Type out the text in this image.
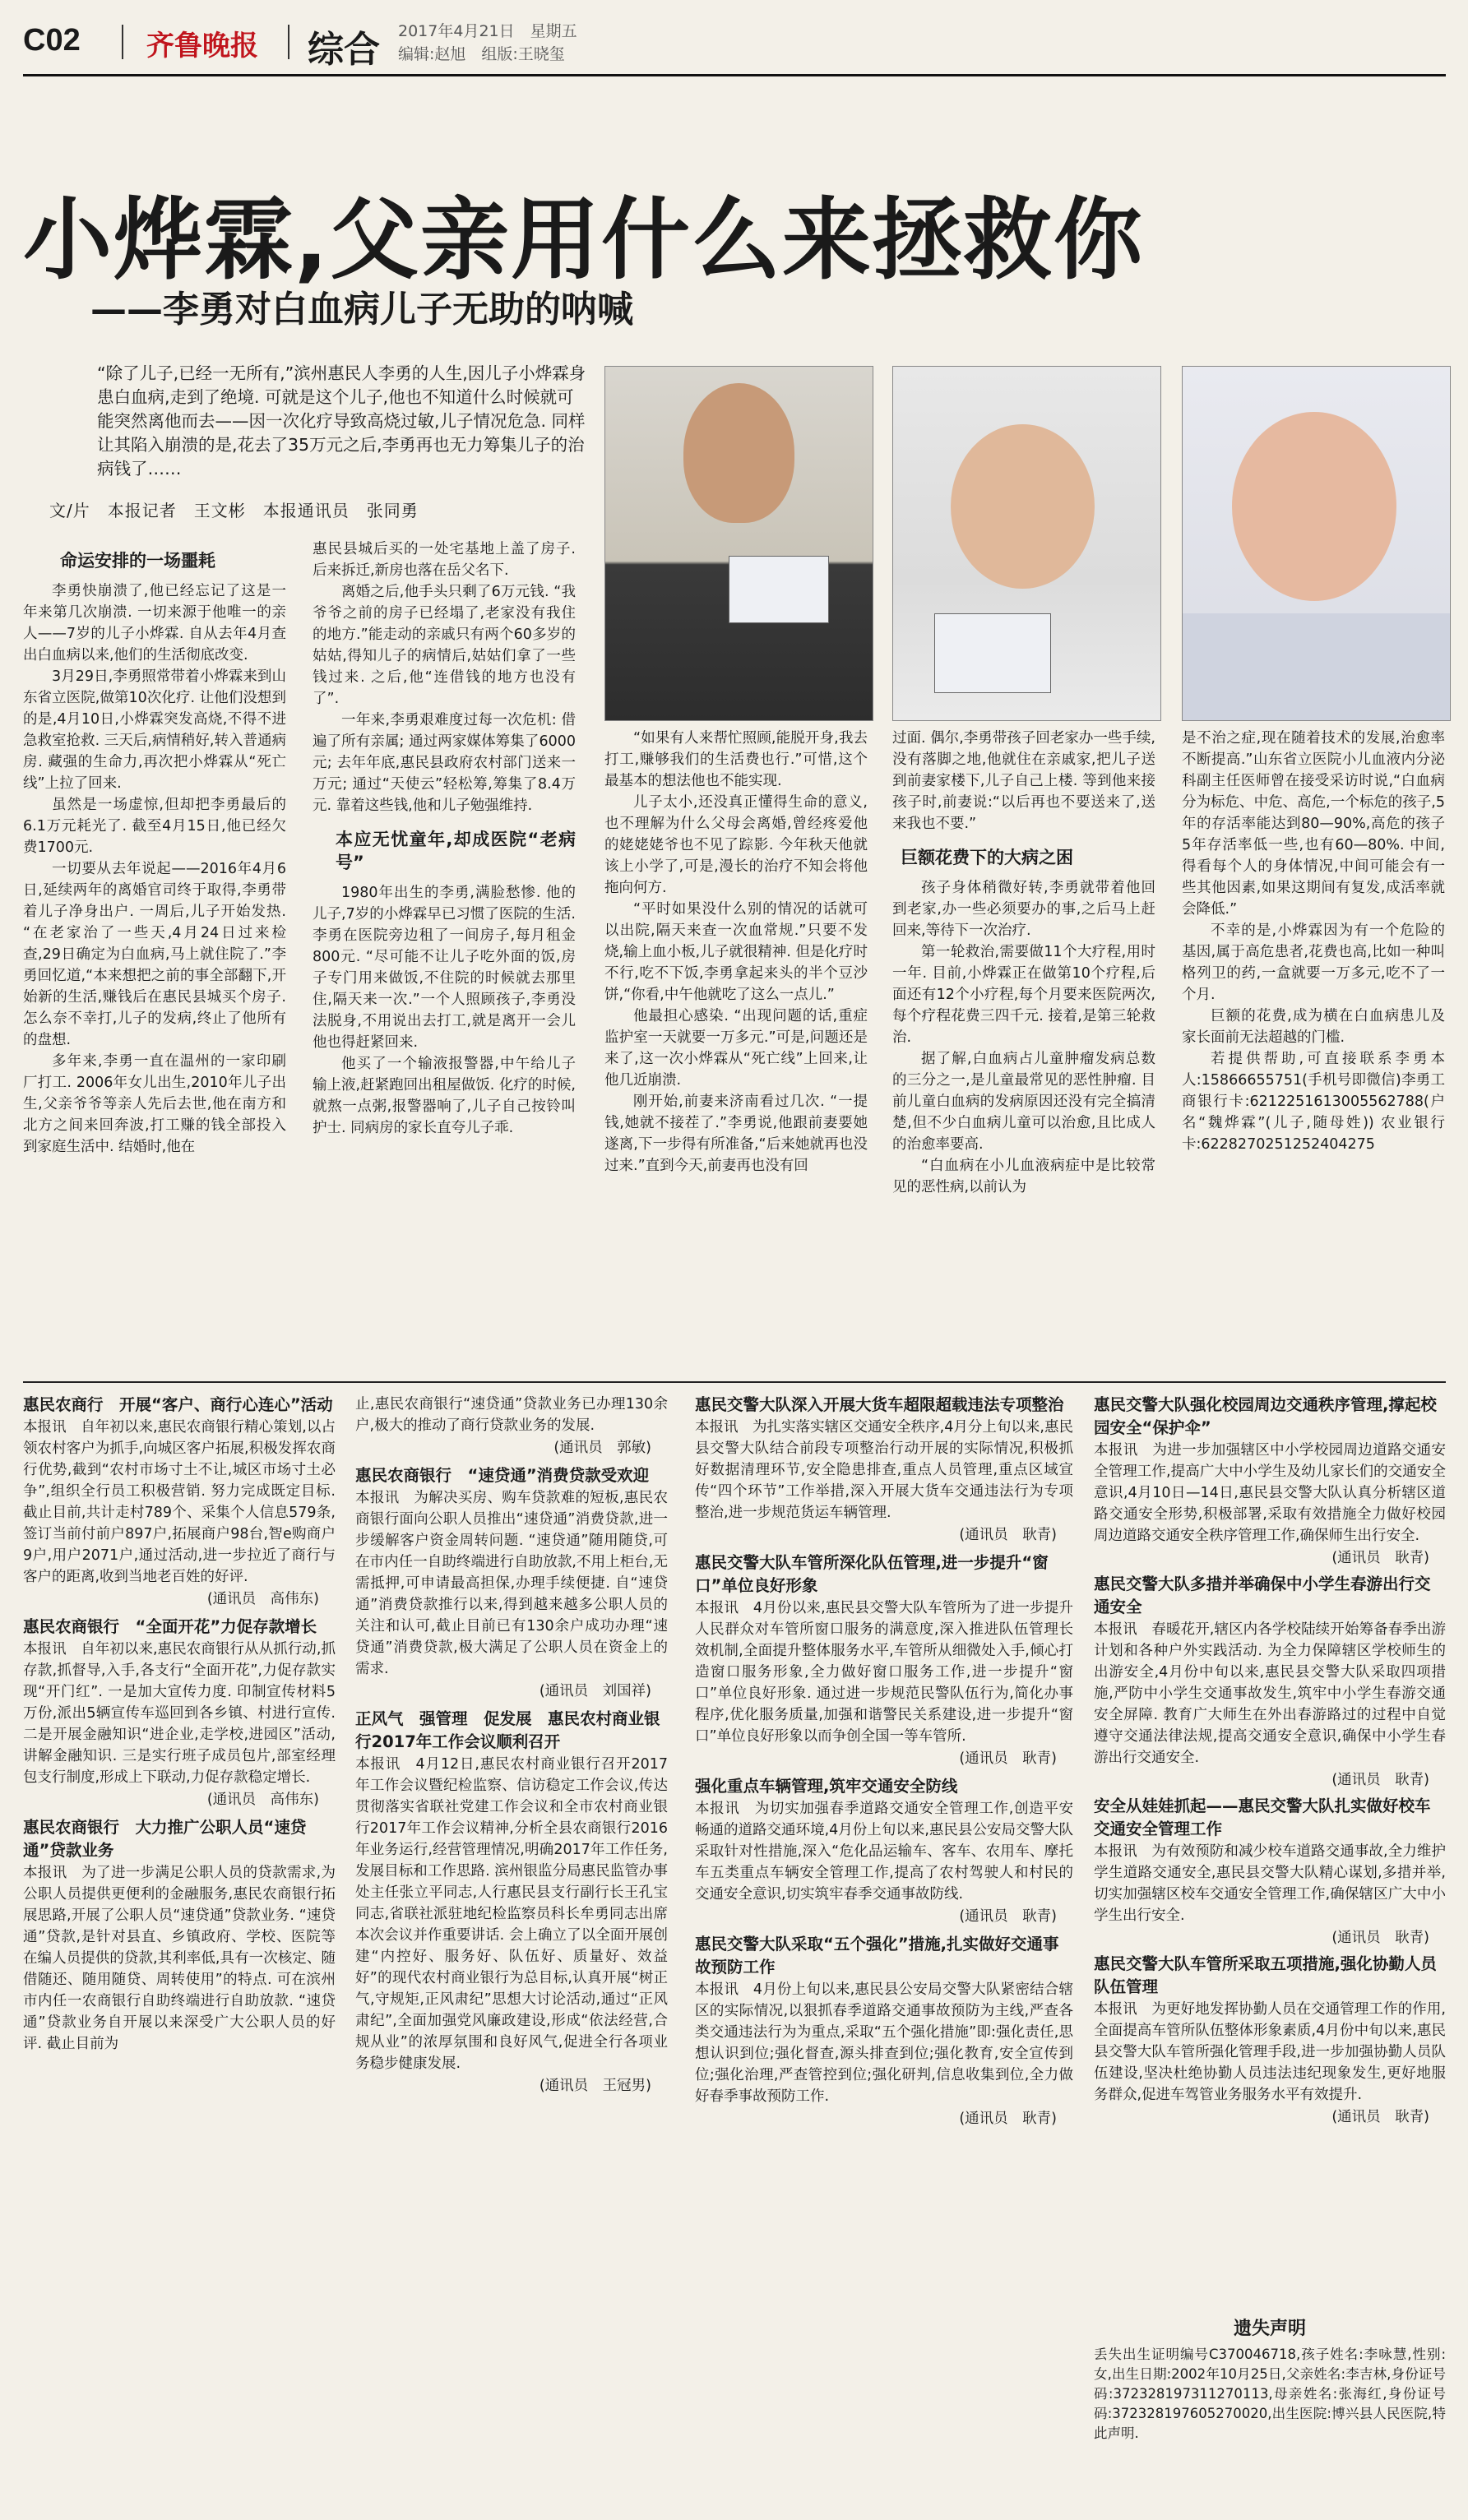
C02 齐鲁晚报 综合 2017年4月21日　星期五
编辑:赵旭　组版:王晓玺
小烨霖,父亲用什么来拯救你
——李勇对白血病儿子无助的呐喊
“除了儿子,已经一无所有,”滨州惠民人李勇的人生,因儿子小烨霖身患白血病,走到了绝境. 可就是这个儿子,他也不知道什么时候就可能突然离他而去——因一次化疗导致高烧过敏,儿子情况危急. 同样让其陷入崩溃的是,花去了35万元之后,李勇再也无力筹集儿子的治病钱了……
文/片　本报记者　王文彬　本报通讯员　张同勇
命运安排的一场噩耗

李勇快崩溃了,他已经忘记了这是一年来第几次崩溃. 一切来源于他唯一的亲人——7岁的儿子小烨霖. 自从去年4月查出白血病以来,他们的生活彻底改变.

3月29日,李勇照常带着小烨霖来到山东省立医院,做第10次化疗. 让他们没想到的是,4月10日,小烨霖突发高烧,不得不进急救室抢救. 三天后,病情稍好,转入普通病房. 藏强的生命力,再次把小烨霖从“死亡线”上拉了回来.

虽然是一场虚惊,但却把李勇最后的6.1万元耗光了. 截至4月15日,他已经欠费1700元.

一切要从去年说起——2016年4月6日,延续两年的离婚官司终于取得,李勇带着儿子净身出户. 一周后,儿子开始发热. “在老家治了一些天,4月24日过来检查,29日确定为白血病,马上就住院了.”李勇回忆道,“本来想把之前的事全部翻下,开始新的生活,赚钱后在惠民县城买个房子. 怎么奈不幸打,儿子的发病,终止了他所有的盘想.

多年来,李勇一直在温州的一家印刷厂打工. 2006年女儿出生,2010年儿子出生,父亲爷爷等亲人先后去世,他在南方和北方之间来回奔波,打工赚的钱全部投入到家庭生活中. 结婚时,他在

惠民县城后买的一处宅基地上盖了房子. 后来拆迁,新房也落在岳父名下.

离婚之后,他手头只剩了6万元钱. “我爷爷之前的房子已经塌了,老家没有我住的地方.”能走动的亲戚只有两个60多岁的姑姑,得知儿子的病情后,姑姑们拿了一些钱过来. 之后,他“连借钱的地方也没有了”.

一年来,李勇艰难度过每一次危机: 借遍了所有亲属; 通过两家媒体筹集了6000元; 去年年底,惠民县政府农村部门送来一万元; 通过“天使云”轻松筹,筹集了8.4万元. 靠着这些钱,他和儿子勉强维持.

本应无忧童年,却成医院“老病号”

1980年出生的李勇,满脸愁惨. 他的儿子,7岁的小烨霖早已习惯了医院的生活. 李勇在医院旁边租了一间房子,每月租金800元. “尽可能不让儿子吃外面的饭,房子专门用来做饭,不住院的时候就去那里住,隔天来一次.”一个人照顾孩子,李勇没法脱身,不用说出去打工,就是离开一会儿他也得赶紧回来.

他买了一个输液报警器,中午给儿子输上液,赶紧跑回出租屋做饭. 化疗的时候,就熬一点粥,报警器响了,儿子自己按铃叫护士. 同病房的家长直夸儿子乖.

“如果有人来帮忙照顾,能脱开身,我去打工,赚够我们的生活费也行.”可惜,这个最基本的想法他也不能实现.

儿子太小,还没真正懂得生命的意义,也不理解为什么父母会离婚,曾经疼爱他的姥姥姥爷也不见了踪影. 今年秋天他就该上小学了,可是,漫长的治疗不知会将他拖向何方.

“平时如果没什么别的情况的话就可以出院,隔天来查一次血常规.”只要不发烧,输上血小板,儿子就很精神. 但是化疗时不行,吃不下饭,李勇拿起来头的半个豆沙饼,“你看,中午他就吃了这么一点儿.”

他最担心感染. “出现问题的话,重症监护室一天就要一万多元.”可是,问题还是来了,这一次小烨霖从“死亡线”上回来,让他几近崩溃.

刚开始,前妻来济南看过几次. “一提钱,她就不接茬了.”李勇说,他跟前妻要她遂离,下一步得有所准备,“后来她就再也没过来.”直到今天,前妻再也没有回

过面. 偶尔,李勇带孩子回老家办一些手续,没有落脚之地,他就住在亲戚家,把儿子送到前妻家楼下,儿子自己上楼. 等到他来接孩子时,前妻说:“以后再也不要送来了,送来我也不要.”

巨额花费下的大病之困

孩子身体稍微好转,李勇就带着他回到老家,办一些必须要办的事,之后马上赶回来,等待下一次治疗.

第一轮救治,需要做11个大疗程,用时一年. 目前,小烨霖正在做第10个疗程,后面还有12个小疗程,每个月要来医院两次,每个疗程花费三四千元. 接着,是第三轮救治.

据了解,白血病占儿童肿瘤发病总数的三分之一,是儿童最常见的恶性肿瘤. 目前儿童白血病的发病原因还没有完全搞清楚,但不少白血病儿童可以治愈,且比成人的治愈率要高.

“白血病在小儿血液病症中是比较常见的恶性病,以前认为

是不治之症,现在随着技术的发展,治愈率不断提高.”山东省立医院小儿血液内分泌科副主任医师曾在接受采访时说,“白血病分为标危、中危、高危,一个标危的孩子,5年的存活率能达到80—90%,高危的孩子5年存活率低一些,也有60—80%. 中间,得看每个人的身体情况,中间可能会有一些其他因素,如果这期间有复发,成活率就会降低.”

不幸的是,小烨霖因为有一个危险的基因,属于高危患者,花费也高,比如一种叫格列卫的药,一盒就要一万多元,吃不了一个月.

巨额的花费,成为横在白血病患儿及家长面前无法超越的门槛.

若提供帮助,可直接联系李勇本人:15866655751(手机号即微信)李勇工商银行卡:6212251613005562788(户名“魏烨霖”(儿子,随母姓)) 农业银行卡:6228270251252404275

惠民农商行　开展“客户、商行心连心”活动
本报讯　自年初以来,惠民农商银行精心策划,以占领农村客户为抓手,向城区客户拓展,积极发挥农商行优势,截到“农村市场寸土不让,城区市场寸土必争”,组织全行员工积极营销. 努力完成既定目标. 截止目前,共计走村789个、采集个人信息579条,签订当前付前户897户,拓展商户98台,智e购商户9户,用户2071户,通过活动,进一步拉近了商行与客户的距离,收到当地老百姓的好评.
(通讯员　高伟东)
惠民农商银行　“全面开花”力促存款增长
本报讯　自年初以来,惠民农商银行从从抓行动,抓存款,抓督导,入手,各支行“全面开花”,力促存款实现“开门红”. 一是加大宣传力度. 印制宣传材料5万份,派出5辆宣传车巡回到各乡镇、村进行宣传. 二是开展金融知识“进企业,走学校,进园区”活动,讲解金融知识. 三是实行班子成员包片,部室经理包支行制度,形成上下联动,力促存款稳定增长.
(通讯员　高伟东)
惠民农商银行　大力推广公职人员“速贷通”贷款业务
本报讯　为了进一步满足公职人员的贷款需求,为公职人员提供更便利的金融服务,惠民农商银行拓展思路,开展了公职人员“速贷通”贷款业务. “速贷通”贷款,是针对县直、乡镇政府、学校、医院等在编人员提供的贷款,其利率低,具有一次核定、随借随还、随用随贷、周转使用”的特点. 可在滨州市内任一农商银行自助终端进行自助放款. “速贷通”贷款业务自开展以来深受广大公职人员的好评. 截止目前为
止,惠民农商银行“速贷通”贷款业务已办理130余户,极大的推动了商行贷款业务的发展.
(通讯员　郭敏)
惠民农商银行　“速贷通”消费贷款受欢迎
本报讯　为解决买房、购车贷款难的短板,惠民农商银行面向公职人员推出“速贷通”消费贷款,进一步缓解客户资金周转问题. “速贷通”随用随贷,可在市内任一自助终端进行自助放款,不用上柜台,无需抵押,可申请最高担保,办理手续便捷. 自“速贷通”消费贷款推行以来,得到越来越多公职人员的关注和认可,截止目前已有130余户成功办理“速贷通”消费贷款,极大满足了公职人员在资金上的需求.
(通讯员　刘国祥)
正风气　强管理　促发展　惠民农村商业银行2017年工作会议顺利召开
本报讯　4月12日,惠民农村商业银行召开2017年工作会议暨纪检监察、信访稳定工作会议,传达贯彻落实省联社党建工作会议和全市农村商业银行2017年工作会议精神,分析全县农商银行2016年业务运行,经营管理情况,明确2017年工作任务,发展目标和工作思路. 滨州银监分局惠民监管办事处主任张立平同志,人行惠民县支行副行长王孔宝同志,省联社派驻地纪检监察员科长牟勇同志出席本次会议并作重要讲话. 会上确立了以全面开展创建“内控好、服务好、队伍好、质量好、效益好”的现代农村商业银行为总目标,认真开展“树正气,守规矩,正风肃纪”思想大讨论活动,通过“正风肃纪”,全面加强党风廉政建设,形成“依法经营,合规从业”的浓厚氛围和良好风气,促进全行各项业务稳步健康发展.
(通讯员　王冠男)
惠民交警大队深入开展大货车超限超载违法专项整治
本报讯　为扎实落实辖区交通安全秩序,4月分上旬以来,惠民县交警大队结合前段专项整治行动开展的实际情况,积极抓好数据清理环节,安全隐患排查,重点人员管理,重点区域宣传“四个环节”工作举措,深入开展大货车交通违法行为专项整治,进一步规范货运车辆管理.
(通讯员　耿青)
惠民交警大队车管所深化队伍管理,进一步提升“窗口”单位良好形象
本报讯　4月份以来,惠民县交警大队车管所为了进一步提升人民群众对车管所窗口服务的满意度,深入推进队伍管理长效机制,全面提升整体服务水平,车管所从细微处入手,倾心打造窗口服务形象,全力做好窗口服务工作,进一步提升“窗口”单位良好形象. 通过进一步规范民警队伍行为,简化办事程序,优化服务质量,加强和谐警民关系建设,进一步提升“窗口”单位良好形象以而争创全国一等车管所.
(通讯员　耿青)
强化重点车辆管理,筑牢交通安全防线
本报讯　为切实加强春季道路交通安全管理工作,创造平安畅通的道路交通环境,4月份上旬以来,惠民县公安局交警大队采取针对性措施,深入“危化品运输车、客车、农用车、摩托车五类重点车辆安全管理工作,提高了农村驾驶人和村民的交通安全意识,切实筑牢春季交通事故防线.
(通讯员　耿青)
惠民交警大队采取“五个强化”措施,扎实做好交通事故预防工作
本报讯　4月份上旬以来,惠民县公安局交警大队紧密结合辖区的实际情况,以狠抓春季道路交通事故预防为主线,严查各类交通违法行为为重点,采取“五个强化措施”即:强化责任,思想认识到位;强化督查,源头排查到位;强化教育,安全宣传到位;强化治理,严查管控到位;强化研判,信息收集到位,全力做好春季事故预防工作.
(通讯员　耿青)
惠民交警大队强化校园周边交通秩序管理,撑起校园安全“保护伞”
本报讯　为进一步加强辖区中小学校园周边道路交通安全管理工作,提高广大中小学生及幼儿家长们的交通安全意识,4月10日—14日,惠民县交警大队认真分析辖区道路交通安全形势,积极部署,采取有效措施全力做好校园周边道路交通安全秩序管理工作,确保师生出行安全.
(通讯员　耿青)
惠民交警大队多措并举确保中小学生春游出行交通安全
本报讯　春暖花开,辖区内各学校陆续开始筹备春季出游计划和各种户外实践活动. 为全力保障辖区学校师生的出游安全,4月份中旬以来,惠民县交警大队采取四项措施,严防中小学生交通事故发生,筑牢中小学生春游交通安全屏障. 教育广大师生在外出春游路过的过程中自觉遵守交通法律法规,提高交通安全意识,确保中小学生春游出行交通安全.
(通讯员　耿青)
安全从娃娃抓起——惠民交警大队扎实做好校车交通安全管理工作
本报讯　为有效预防和减少校车道路交通事故,全力维护学生道路交通安全,惠民县交警大队精心谋划,多措并举,切实加强辖区校车交通安全管理工作,确保辖区广大中小学生出行安全.
(通讯员　耿青)
惠民交警大队车管所采取五项措施,强化协勤人员队伍管理
本报讯　为更好地发挥协勤人员在交通管理工作的作用,全面提高车管所队伍整体形象素质,4月份中旬以来,惠民县交警大队车管所强化管理手段,进一步加强协勤人员队伍建设,坚决杜绝协勤人员违法违纪现象发生,更好地服务群众,促进车驾管业务服务水平有效提升.
(通讯员　耿青)
遗失声明
丢失出生证明编号C370046718,孩子姓名:李咏慧,性别:女,出生日期:2002年10月25日,父亲姓名:李吉林,身份证号码:372328197311270113,母亲姓名:张海红,身份证号码:372328197605270020,出生医院:博兴县人民医院,特此声明.
